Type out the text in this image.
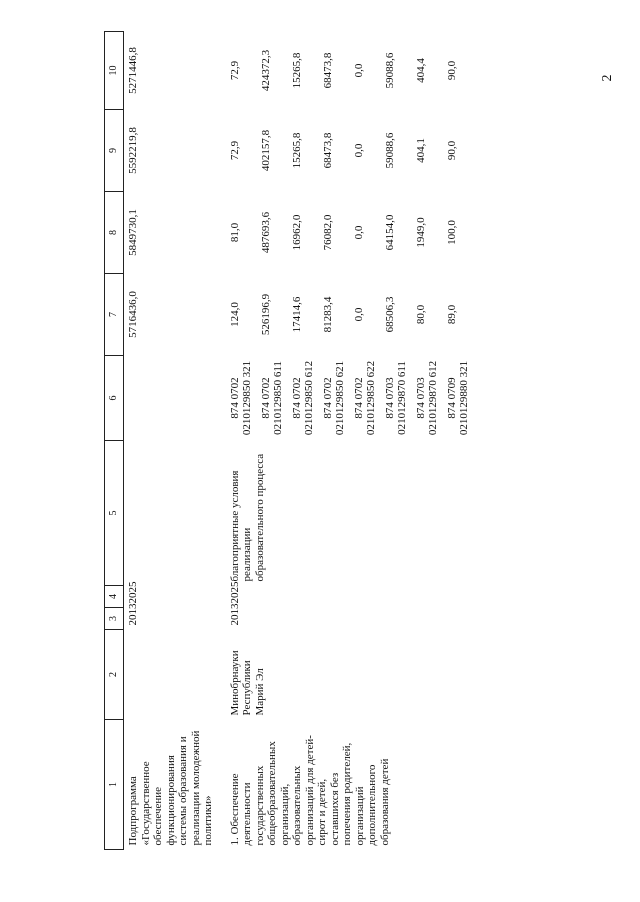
2
1	2	3	4	5	6	7	8	9	10
Подпрограмма «Государственное обеспечение функционирования системы образования и реализации молодежной политики»		2013	2025			5716436,0	5849730,1	5592219,8	5271446,8

1. Обеспечение деятельности государственных общеобразовательных организаций, образовательных организаций для детей-сирот и детей, оставшихся без попечения родителей, организаций дополнительного образования детей	Минобрнауки Республики Марий Эл	2013	2025	благоприятные условия реализации образовательного процесса	874 0702 0210129850 321	124,0	81,0	72,9	72,9
					874 0702 0210129850 611	526196,9	487693,6	402157,8	424372,3
					874 0702 0210129850 612	17414,6	16962,0	15265,8	15265,8
					874 0702 0210129850 621	81283,4	76082,0	68473,8	68473,8
					874 0702 0210129850 622	0,0	0,0	0,0	0,0
					874 0703 0210129870 611	68506,3	64154,0	59088,6	59088,6
					874 0703 0210129870 612	80,0	1949,0	404,1	404,4
					874 0709 0210129880 321	89,0	100,0	90,0	90,0
